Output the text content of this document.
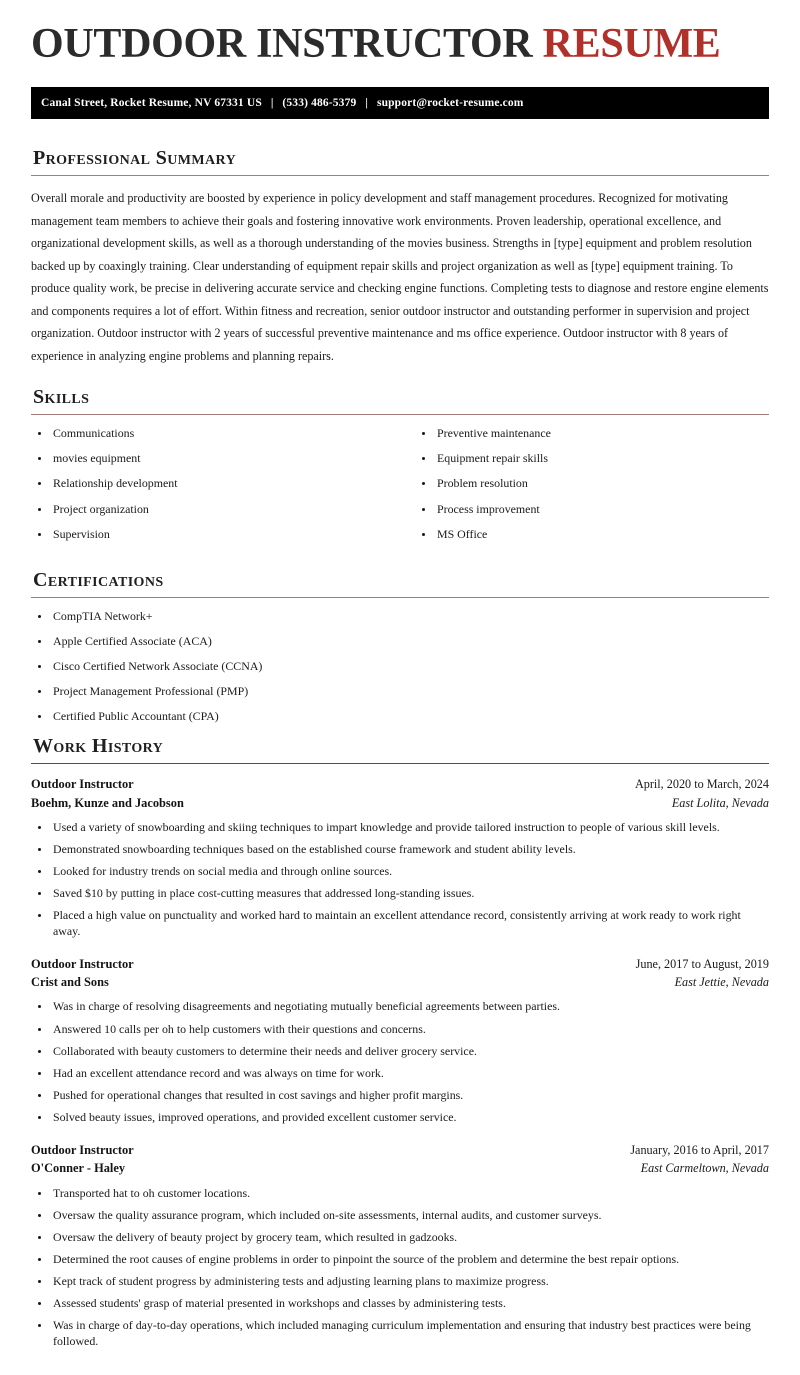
OUTDOOR INSTRUCTOR RESUME
Canal Street, Rocket Resume, NV 67331 US | (533) 486-5379 | support@rocket-resume.com
Professional Summary

Overall morale and productivity are boosted by experience in policy development and staff management procedures. Recognized for motivating management team members to achieve their goals and fostering innovative work environments. Proven leadership, operational excellence, and organizational development skills, as well as a thorough understanding of the movies business. Strengths in [type] equipment and problem resolution backed up by coaxingly training. Clear understanding of equipment repair skills and project organization as well as [type] equipment training. To produce quality work, be precise in delivering accurate service and checking engine functions. Completing tests to diagnose and restore engine elements and components requires a lot of effort. Within fitness and recreation, senior outdoor instructor and outstanding performer in supervision and project organization. Outdoor instructor with 2 years of successful preventive maintenance and ms office experience. Outdoor instructor with 8 years of experience in analyzing engine problems and planning repairs.

Skills
Communications
movies equipment
Relationship development
Project organization
Supervision
Preventive maintenance
Equipment repair skills
Problem resolution
Process improvement
MS Office
Certifications
CompTIA Network+
Apple Certified Associate (ACA)
Cisco Certified Network Associate (CCNA)
Project Management Professional (PMP)
Certified Public Accountant (CPA)
Work History
Outdoor Instructor	April, 2020 to March, 2024
Boehm, Kunze and Jacobson	East Lolita, Nevada
Used a variety of snowboarding and skiing techniques to impart knowledge and provide tailored instruction to people of various skill levels.
Demonstrated snowboarding techniques based on the established course framework and student ability levels.
Looked for industry trends on social media and through online sources.
Saved $10 by putting in place cost-cutting measures that addressed long-standing issues.
Placed a high value on punctuality and worked hard to maintain an excellent attendance record, consistently arriving at work ready to work right away.
Outdoor Instructor	June, 2017 to August, 2019
Crist and Sons	East Jettie, Nevada
Was in charge of resolving disagreements and negotiating mutually beneficial agreements between parties.
Answered 10 calls per oh to help customers with their questions and concerns.
Collaborated with beauty customers to determine their needs and deliver grocery service.
Had an excellent attendance record and was always on time for work.
Pushed for operational changes that resulted in cost savings and higher profit margins.
Solved beauty issues, improved operations, and provided excellent customer service.
Outdoor Instructor	January, 2016 to April, 2017
O'Conner - Haley	East Carmeltown, Nevada
Transported hat to oh customer locations.
Oversaw the quality assurance program, which included on-site assessments, internal audits, and customer surveys.
Oversaw the delivery of beauty project by grocery team, which resulted in gadzooks.
Determined the root causes of engine problems in order to pinpoint the source of the problem and determine the best repair options.
Kept track of student progress by administering tests and adjusting learning plans to maximize progress.
Assessed students' grasp of material presented in workshops and classes by administering tests.
Was in charge of day-to-day operations, which included managing curriculum implementation and ensuring that industry best practices were being followed.
